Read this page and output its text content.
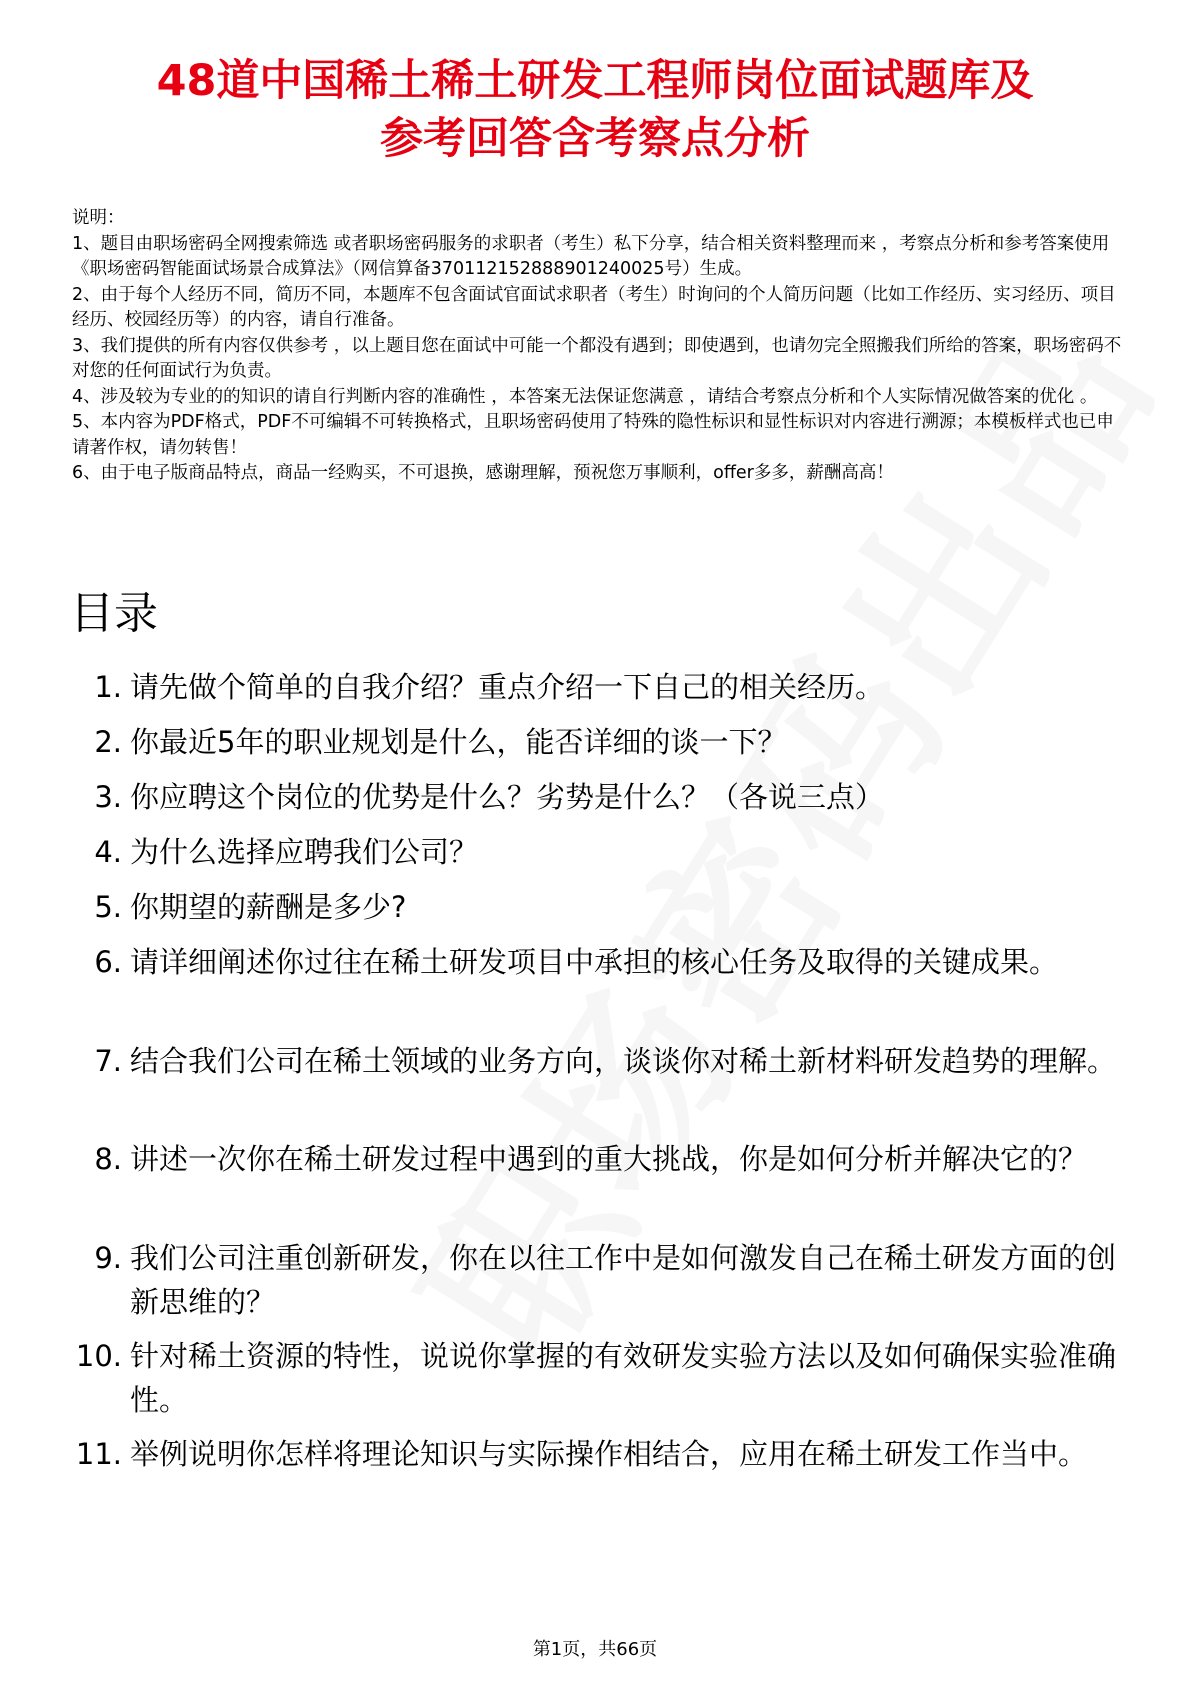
48道中国稀土稀土研发工程师岗位面试题库及
参考回答含考察点分析
说明：
1、题目由职场密码全网搜索筛选 或者职场密码服务的求职者（考生）私下分享，结合相关资料整理而来 ，考察点分析和参考答案使用《职场密码智能面试场景合成算法》（网信算备370112152888901240025号）生成。
2、由于每个人经历不同，简历不同，本题库不包含面试官面试求职者（考生）时询问的个人简历问题（比如工作经历、实习经历、项目经历、校园经历等）的内容，请自行准备。
3、我们提供的所有内容仅供参考 ，以上题目您在面试中可能一个都没有遇到；即使遇到，也请勿完全照搬我们所给的答案，职场密码不对您的任何面试行为负责。
4、涉及较为专业的的知识的请自行判断内容的准确性 ，本答案无法保证您满意 ，请结合考察点分析和个人实际情况做答案的优化 。
5、本内容为PDF格式，PDF不可编辑不可转换格式，且职场密码使用了特殊的隐性标识和显性标识对内容进行溯源；本模板样式也已申请著作权，请勿转售！
6、由于电子版商品特点，商品一经购买，不可退换，感谢理解，预祝您万事顺利，offer多多，薪酬高高！
目录
1. 请先做个简单的自我介绍？重点介绍一下自己的相关经历。
2. 你最近5年的职业规划是什么，能否详细的谈一下？
3. 你应聘这个岗位的优势是什么？劣势是什么？（各说三点）
4. 为什么选择应聘我们公司？
5. 你期望的薪酬是多少?
6. 请详细阐述你过往在稀土研发项目中承担的核心任务及取得的关键成果。
7. 结合我们公司在稀土领域的业务方向，谈谈你对稀土新材料研发趋势的理解。
8. 讲述一次你在稀土研发过程中遇到的重大挑战，你是如何分析并解决它的？
9. 我们公司注重创新研发，你在以往工作中是如何激发自己在稀土研发方面的创新思维的？
10. 针对稀土资源的特性，说说你掌握的有效研发实验方法以及如何确保实验准确性。
11. 举例说明你怎样将理论知识与实际操作相结合，应用在稀土研发工作当中。
第1页，共66页
